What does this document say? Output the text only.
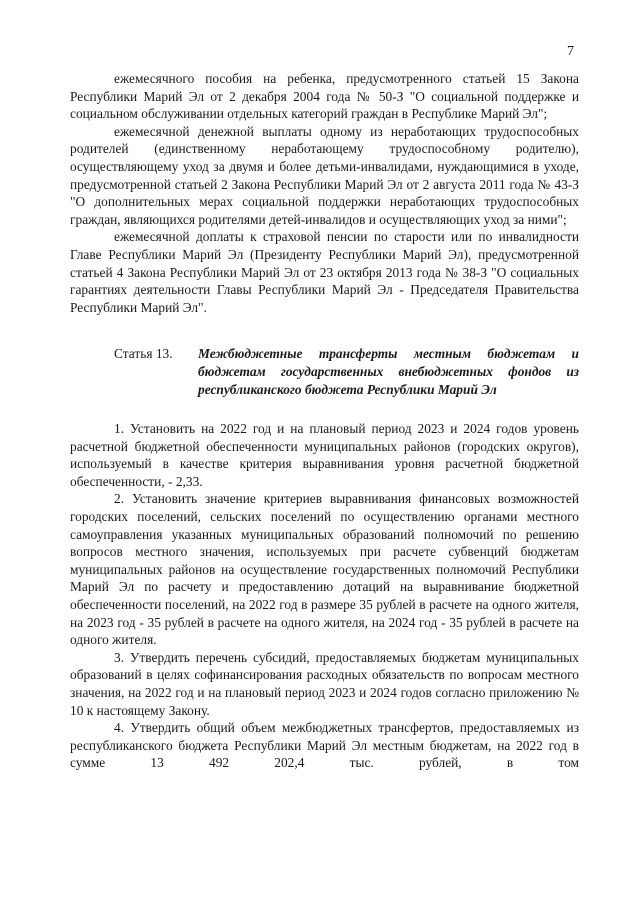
7

ежемесячного пособия на ребенка, предусмотренного статьей 15 Закона Республики Марий Эл от 2 декабря 2004 года № 50-З "О социальной поддержке и социальном обслуживании отдельных категорий граждан в Республике Марий Эл";

ежемесячной денежной выплаты одному из неработающих трудоспособных родителей (единственному неработающему трудоспособному родителю), осуществляющему уход за двумя и более детьми-инвалидами, нуждающимися в уходе, предусмотренной статьей 2 Закона Республики Марий Эл от 2 августа 2011 года № 43-З "О дополнительных мерах социальной поддержки неработающих трудоспособных граждан, являющихся родителями детей-инвалидов и осуществляющих уход за ними";

ежемесячной доплаты к страховой пенсии по старости или по инвалидности Главе Республики Марий Эл (Президенту Республики Марий Эл), предусмотренной статьей 4 Закона Республики Марий Эл от 23 октября 2013 года № 38-З "О социальных гарантиях деятельности Главы Республики Марий Эл - Председателя Правительства Республики Марий Эл".

Статья 13.	Межбюджетные трансферты местным бюджетам и бюджетам государственных внебюджетных фондов из республиканского бюджета Республики Марий Эл

1. Установить на 2022 год и на плановый период 2023 и 2024 годов уровень расчетной бюджетной обеспеченности муниципальных районов (городских округов), используемый в качестве критерия выравнивания уровня расчетной бюджетной обеспеченности, - 2,33.

2. Установить значение критериев выравнивания финансовых возможностей городских поселений, сельских поселений по осуществлению органами местного самоуправления указанных муниципальных образований полномочий по решению вопросов местного значения, используемых при расчете субвенций бюджетам муниципальных районов на осуществление государственных полномочий Республики Марий Эл по расчету и предоставлению дотаций на выравнивание бюджетной обеспеченности поселений, на 2022 год в размере 35 рублей в расчете на одного жителя, на 2023 год - 35 рублей в расчете на одного жителя, на 2024 год - 35 рублей в расчете на одного жителя.

3. Утвердить перечень субсидий, предоставляемых бюджетам муниципальных образований в целях софинансирования расходных обязательств по вопросам местного значения, на 2022 год и на плановый период 2023 и 2024 годов согласно приложению № 10 к настоящему Закону.

4. Утвердить общий объем межбюджетных трансфертов, предоставляемых из республиканского бюджета Республики Марий Эл местным бюджетам, на 2022 год в сумме 13 492 202,4 тыс. рублей, в том
